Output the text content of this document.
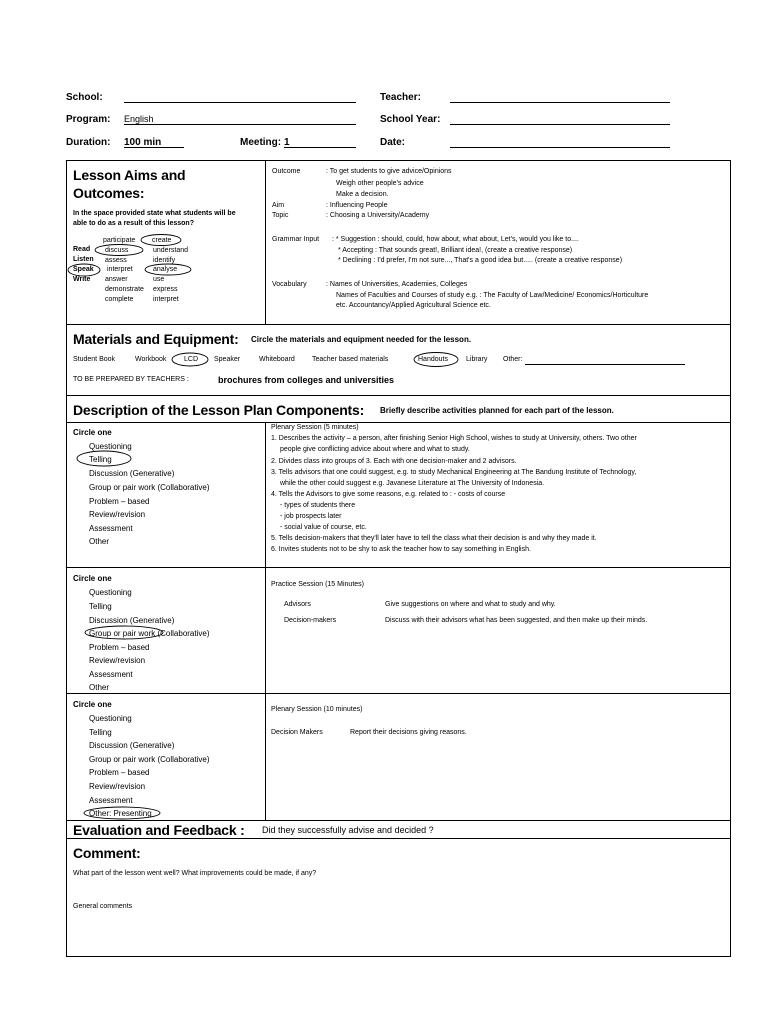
School:	Teacher:
Program: English	School Year:
Duration: 100 min	Meeting: 1	Date:
Lesson Aims and
Outcomes:
In the space provided state what students will be
able to do as a result of this lesson?
Read
Listen
Speak
Write
participate
discuss
assess
interpret
answer
demonstrate
complete
create
understand
identify
analyse
use
express
interpret
Outcome	: To get students to give advice/Opinions
Weigh other people's advice
Make a decision.
Aim	: Influencing People
Topic	: Choosing a University/Academy
Grammar Input : * Suggestion : should, could, how about, what about, Let's, would you like to....
* Accepting : That sounds great!, Brilliant idea!, (create a creative response)
* Declining : I'd prefer, I'm not sure..., That's a good idea but..... (create a creative response)
Vocabulary	: Names of Universities, Academies, Colleges
Names of Faculties and Courses of study e.g. : The Faculty of Law/Medicine/ Economics/Horticulture
etc. Accountancy/Applied Agricultural Science etc.
Materials and Equipment: Circle the materials and equipment needed for the lesson.
Student Book	Workbook	LCD Speaker	Whiteboard Teacher based materials	Handouts	Library Other:
TO BE PREPARED BY TEACHERS :	brochures from colleges and universities
Description of the Lesson Plan Components: Briefly describe activities planned for each part of the lesson.
Circle one
Questioning
Telling
Discussion (Generative)
Group or pair work (Collaborative)
Problem – based
Review/revision
Assessment
Other
Plenary Session (5 minutes)
1. Describes the activity – a person, after finishing Senior High School, wishes to study at University, others. Two other
people give conflicting advice about where and what to study.
2. Divides class into groups of 3. Each with one decision-maker and 2 advisors.
3. Tells advisors that one could suggest, e.g. to study Mechanical Engineering at The Bandung Institute of Technology,
while the other could suggest e.g. Javanese Literature at The University of Indonesia.
4. Tells the Advisors to give some reasons, e.g. related to : - costs of course
- types of students there
- job prospects later
- social value of course, etc.
5. Tells decision-makers that they'll later have to tell the class what their decision is and why they made it.
6. Invites students not to be shy to ask the teacher how to say something in English.
Circle one
Questioning
Telling
Discussion (Generative)
Group or pair work (Collaborative)
Problem – based
Review/revision
Assessment
Other
Practice Session (15 Minutes)
Advisors	Give suggestions on where and what to study and why.
Decision-makers	Discuss with their advisors what has been suggested, and then make up their minds.
Circle one
Questioning
Telling
Discussion (Generative)
Group or pair work (Collaborative)
Problem – based
Review/revision
Assessment
Other: Presenting
Plenary Session (10 minutes)
Decision Makers	Report their decisions giving reasons.
Evaluation and Feedback : Did they successfully advise and decided ?
Comment:
What part of the lesson went well? What improvements could be made, if any?
General comments
